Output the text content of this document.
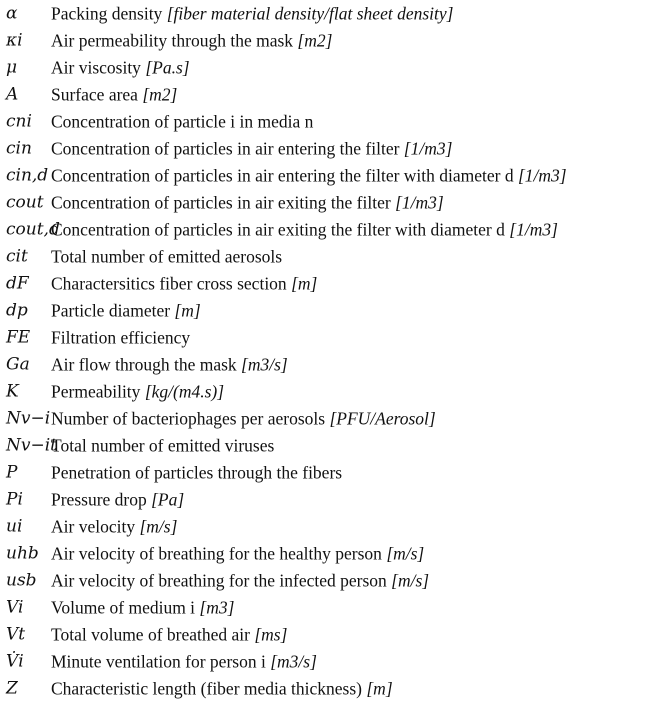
α Packing density [fiber material density/flat sheet density]
κi Air permeability through the mask [m2]
μ Air viscosity [Pa.s]
A Surface area [m2]
cni Concentration of particle i in media n
cin Concentration of particles in air entering the filter [1/m3]
cin,d Concentration of particles in air entering the filter with diameter d [1/m3]
cout Concentration of particles in air exiting the filter [1/m3]
cout,d
Concentration of particles in air exiting the filter with diameter d [1/m3]
cit Total number of emitted aerosols
dF Charactersitics fiber cross section [m]
dp Particle diameter [m]
FE Filtration efficiency
Ga Air flow through the mask [m3/s]
K Permeability [kg/(m4.s)]
Nv−i Number of bacteriophages per aerosols [PFU/Aerosol]
Nv−it
Total number of emitted viruses
P Penetration of particles through the fibers
Pi Pressure drop [Pa]
ui Air velocity [m/s]
uhb Air velocity of breathing for the healthy person [m/s]
usb Air velocity of breathing for the infected person [m/s]
Vi Volume of medium i [m3]
Vt Total volume of breathed air [ms]
V̇i Minute ventilation for person i [m3/s]
Z Characteristic length (fiber media thickness) [m]
